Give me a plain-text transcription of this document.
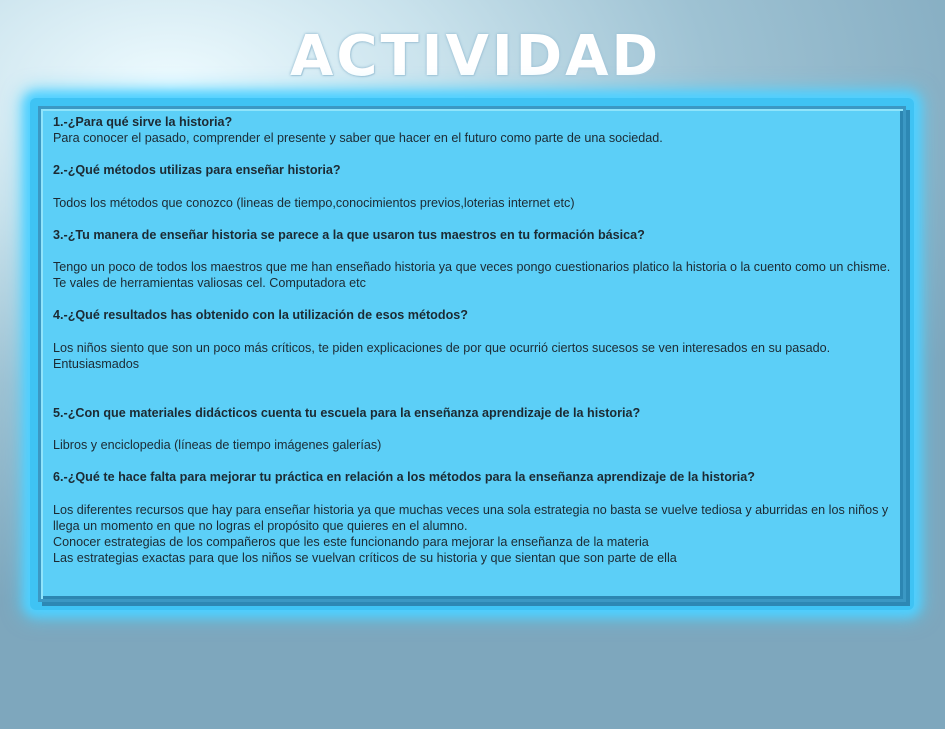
ACTIVIDAD

1.-¿Para qué sirve la historia?

Para conocer el pasado, comprender el presente y saber que hacer en el futuro como parte de una sociedad.

2.-¿Qué métodos utilizas para enseñar historia?

Todos los métodos que conozco (lineas de tiempo,conocimientos previos,loterias internet etc)

3.-¿Tu manera de enseñar historia se parece a la que usaron tus maestros en tu formación básica?

Tengo un poco de todos los maestros que me han enseñado historia ya que veces pongo cuestionarios platico la historia o la cuento como un chisme.

Te vales de herramientas valiosas cel. Computadora etc

4.-¿Qué resultados has obtenido con la utilización de esos métodos?

Los niños siento que son un poco más críticos, te piden explicaciones de por que ocurrió ciertos sucesos se ven interesados en su pasado. Entusiasmados

5.-¿Con que materiales didácticos cuenta tu escuela para la enseñanza aprendizaje de la historia?

Libros y enciclopedia (líneas de tiempo imágenes galerías)

6.-¿Qué te hace falta para mejorar tu práctica en relación a los métodos para la enseñanza aprendizaje de la historia?

Los diferentes recursos que hay para enseñar historia ya que muchas veces una sola estrategia no basta se vuelve tediosa y aburridas en los niños y llega un momento en que no logras el propósito que quieres en el alumno.

Conocer estrategias de los compañeros que les este funcionando para mejorar la enseñanza de la materia

Las estrategias exactas para que los niños se vuelvan críticos de su historia y que sientan que son parte de ella
